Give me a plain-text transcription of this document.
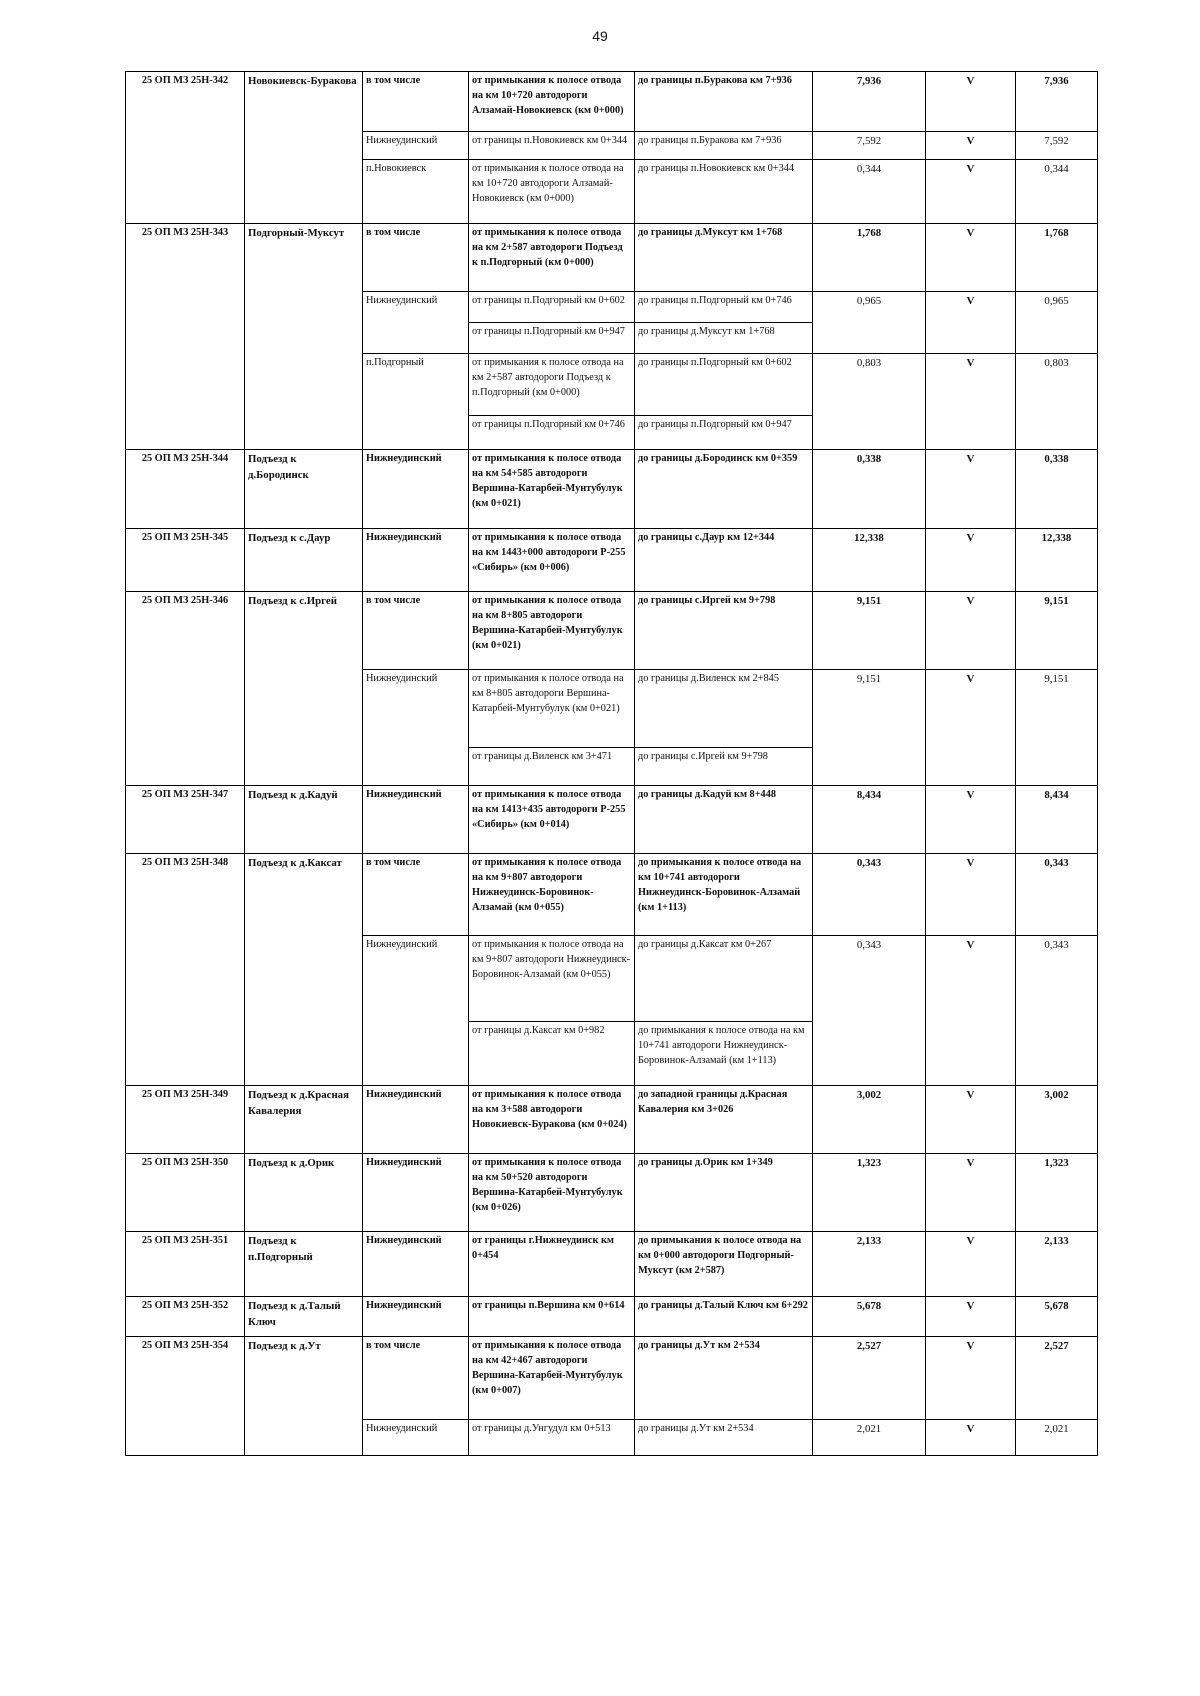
49
25 ОП МЗ 25Н-342	Новокиевск-Буракова	в том числе	от примыкания к полосе отвода на км 10+720 автодороги Алзамай-Новокиевск (км 0+000)	до границы п.Буракова км 7+936	7,936	V	7,936
		Нижнеудинский	от границы п.Новокиевск км 0+344	до границы п.Буракова км 7+936	7,592	V	7,592
		п.Новокиевск	от примыкания к полосе отвода на км 10+720 автодороги Алзамай-Новокиевск (км 0+000)	до границы п.Новокиевск км 0+344	0,344	V	0,344
25 ОП МЗ 25Н-343	Подгорный-Муксут	в том числе	от примыкания к полосе отвода на км 2+587 автодороги Подъезд к п.Подгорный (км 0+000)	до границы д.Муксут км 1+768	1,768	V	1,768
		Нижнеудинский	от границы п.Подгорный км 0+602	до границы п.Подгорный км 0+746	0,965	V	0,965
			от границы п.Подгорный км 0+947	до границы д.Муксут км 1+768			
		п.Подгорный	от примыкания к полосе отвода на км 2+587 автодороги Подъезд к п.Подгорный (км 0+000)	до границы п.Подгорный км 0+602	0,803	V	0,803
			от границы п.Подгорный км 0+746	до границы п.Подгорный км 0+947			
25 ОП МЗ 25Н-344	Подъезд к д.Бородинск	Нижнеудинский	от примыкания к полосе отвода на км 54+585 автодороги Вершина-Катарбей-Мунтубулук (км 0+021)	до границы д.Бородинск км 0+359	0,338	V	0,338
25 ОП МЗ 25Н-345	Подъезд к с.Даур	Нижнеудинский	от примыкания к полосе отвода на км 1443+000 автодороги Р-255 «Сибирь» (км 0+006)	до границы с.Даур км 12+344	12,338	V	12,338
25 ОП МЗ 25Н-346	Подъезд к с.Иргей	в том числе	от примыкания к полосе отвода на км 8+805 автодороги Вершина-Катарбей-Мунтубулук (км 0+021)	до границы с.Иргей км 9+798	9,151	V	9,151
		Нижнеудинский	от примыкания к полосе отвода на км 8+805 автодороги Вершина-Катарбей-Мунтубулук (км 0+021)	до границы д.Виленск км 2+845	9,151	V	9,151
			от границы д.Виленск км 3+471	до границы с.Иргей км 9+798			
25 ОП МЗ 25Н-347	Подъезд к д.Кадуй	Нижнеудинский	от примыкания к полосе отвода на км 1413+435 автодороги Р-255 «Сибирь» (км 0+014)	до границы д.Кадуй км 8+448	8,434	V	8,434
25 ОП МЗ 25Н-348	Подъезд к д.Каксат	в том числе	от примыкания к полосе отвода на км 9+807 автодороги Нижнеудинск-Боровинок-Алзамай (км 0+055)	до примыкания к полосе отвода на км 10+741 автодороги Нижнеудинск-Боровинок-Алзамай (км 1+113)	0,343	V	0,343
		Нижнеудинский	от примыкания к полосе отвода на км 9+807 автодороги Нижнеудинск-Боровинок-Алзамай (км 0+055)	до границы д.Каксат км 0+267	0,343	V	0,343
			от границы д.Каксат км 0+982	до примыкания к полосе отвода на км 10+741 автодороги Нижнеудинск-Боровинок-Алзамай (км 1+113)			
25 ОП МЗ 25Н-349	Подъезд к д.Красная Кавалерия	Нижнеудинский	от примыкания к полосе отвода на км 3+588 автодороги Новокиевск-Буракова (км 0+024)	до западной границы д.Красная Кавалерия км 3+026	3,002	V	3,002
25 ОП МЗ 25Н-350	Подъезд к д.Орик	Нижнеудинский	от примыкания к полосе отвода на км 50+520 автодороги Вершина-Катарбей-Мунтубулук (км 0+026)	до границы д.Орик км 1+349	1,323	V	1,323
25 ОП МЗ 25Н-351	Подъезд к п.Подгорный	Нижнеудинский	от границы г.Нижнеудинск км 0+454	до примыкания к полосе отвода на км 0+000 автодороги Подгорный-Муксут (км 2+587)	2,133	V	2,133
25 ОП МЗ 25Н-352	Подъезд к д.Талый Ключ	Нижнеудинский	от границы п.Вершина км 0+614	до границы д.Талый Ключ км 6+292	5,678	V	5,678
25 ОП МЗ 25Н-354	Подъезд к д.Ут	в том числе	от примыкания к полосе отвода на км 42+467 автодороги Вершина-Катарбей-Мунтубулук (км 0+007)	до границы д.Ут км 2+534	2,527	V	2,527
		Нижнеудинский	от границы д.Унгудул км 0+513	до границы д.Ут км 2+534	2,021	V	2,021
